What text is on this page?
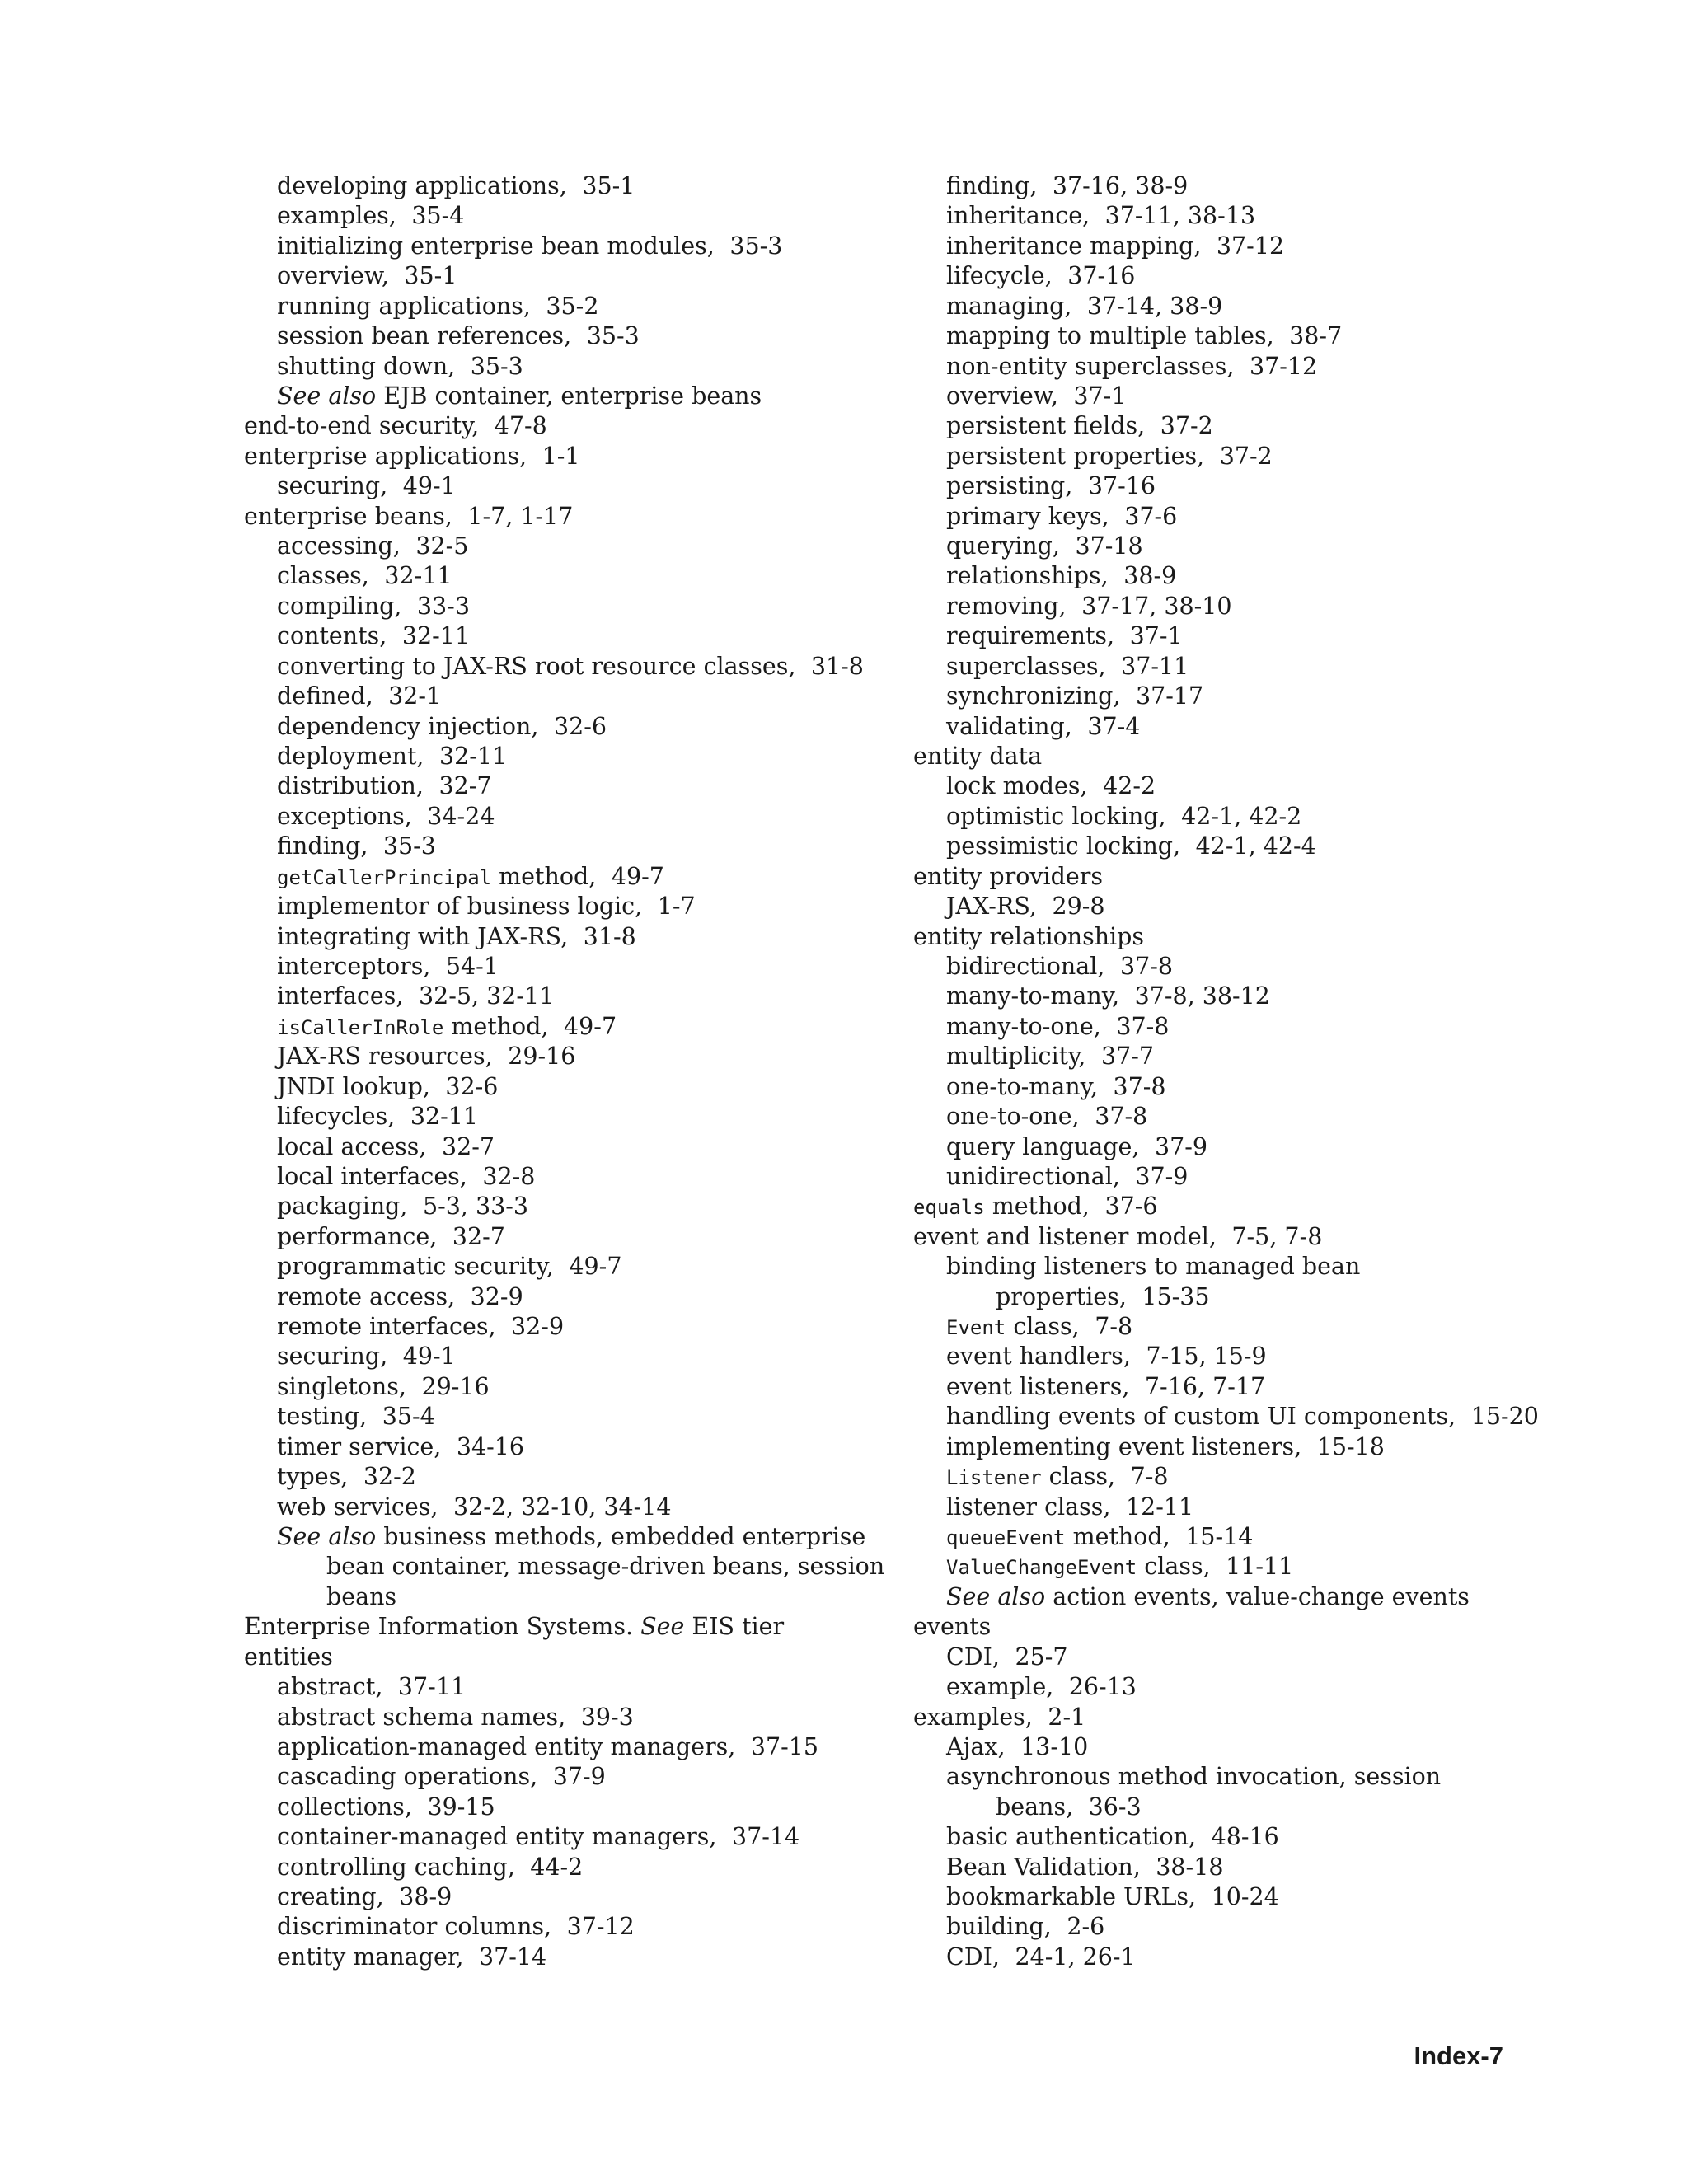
developing applications, 35-1
examples, 35-4
initializing enterprise bean modules, 35-3
overview, 35-1
running applications, 35-2
session bean references, 35-3
shutting down, 35-3
See also EJB container, enterprise beans
end-to-end security, 47-8
enterprise applications, 1-1
securing, 49-1
enterprise beans, 1-7, 1-17
accessing, 32-5
classes, 32-11
compiling, 33-3
contents, 32-11
converting to JAX-RS root resource classes, 31-8
defined, 32-1
dependency injection, 32-6
deployment, 32-11
distribution, 32-7
exceptions, 34-24
finding, 35-3
getCallerPrincipal method, 49-7
implementor of business logic, 1-7
integrating with JAX-RS, 31-8
interceptors, 54-1
interfaces, 32-5, 32-11
isCallerInRole method, 49-7
JAX-RS resources, 29-16
JNDI lookup, 32-6
lifecycles, 32-11
local access, 32-7
local interfaces, 32-8
packaging, 5-3, 33-3
performance, 32-7
programmatic security, 49-7
remote access, 32-9
remote interfaces, 32-9
securing, 49-1
singletons, 29-16
testing, 35-4
timer service, 34-16
types, 32-2
web services, 32-2, 32-10, 34-14
See also business methods, embedded enterprise
bean container, message-driven beans, session
beans
Enterprise Information Systems. See EIS tier
entities
abstract, 37-11
abstract schema names, 39-3
application-managed entity managers, 37-15
cascading operations, 37-9
collections, 39-15
container-managed entity managers, 37-14
controlling caching, 44-2
creating, 38-9
discriminator columns, 37-12
entity manager, 37-14
finding, 37-16, 38-9
inheritance, 37-11, 38-13
inheritance mapping, 37-12
lifecycle, 37-16
managing, 37-14, 38-9
mapping to multiple tables, 38-7
non-entity superclasses, 37-12
overview, 37-1
persistent fields, 37-2
persistent properties, 37-2
persisting, 37-16
primary keys, 37-6
querying, 37-18
relationships, 38-9
removing, 37-17, 38-10
requirements, 37-1
superclasses, 37-11
synchronizing, 37-17
validating, 37-4
entity data
lock modes, 42-2
optimistic locking, 42-1, 42-2
pessimistic locking, 42-1, 42-4
entity providers
JAX-RS, 29-8
entity relationships
bidirectional, 37-8
many-to-many, 37-8, 38-12
many-to-one, 37-8
multiplicity, 37-7
one-to-many, 37-8
one-to-one, 37-8
query language, 37-9
unidirectional, 37-9
equals method, 37-6
event and listener model, 7-5, 7-8
binding listeners to managed bean
properties, 15-35
Event class, 7-8
event handlers, 7-15, 15-9
event listeners, 7-16, 7-17
handling events of custom UI components, 15-20
implementing event listeners, 15-18
Listener class, 7-8
listener class, 12-11
queueEvent method, 15-14
ValueChangeEvent class, 11-11
See also action events, value-change events
events
CDI, 25-7
example, 26-13
examples, 2-1
Ajax, 13-10
asynchronous method invocation, session
beans, 36-3
basic authentication, 48-16
Bean Validation, 38-18
bookmarkable URLs, 10-24
building, 2-6
CDI, 24-1, 26-1
Index-7
